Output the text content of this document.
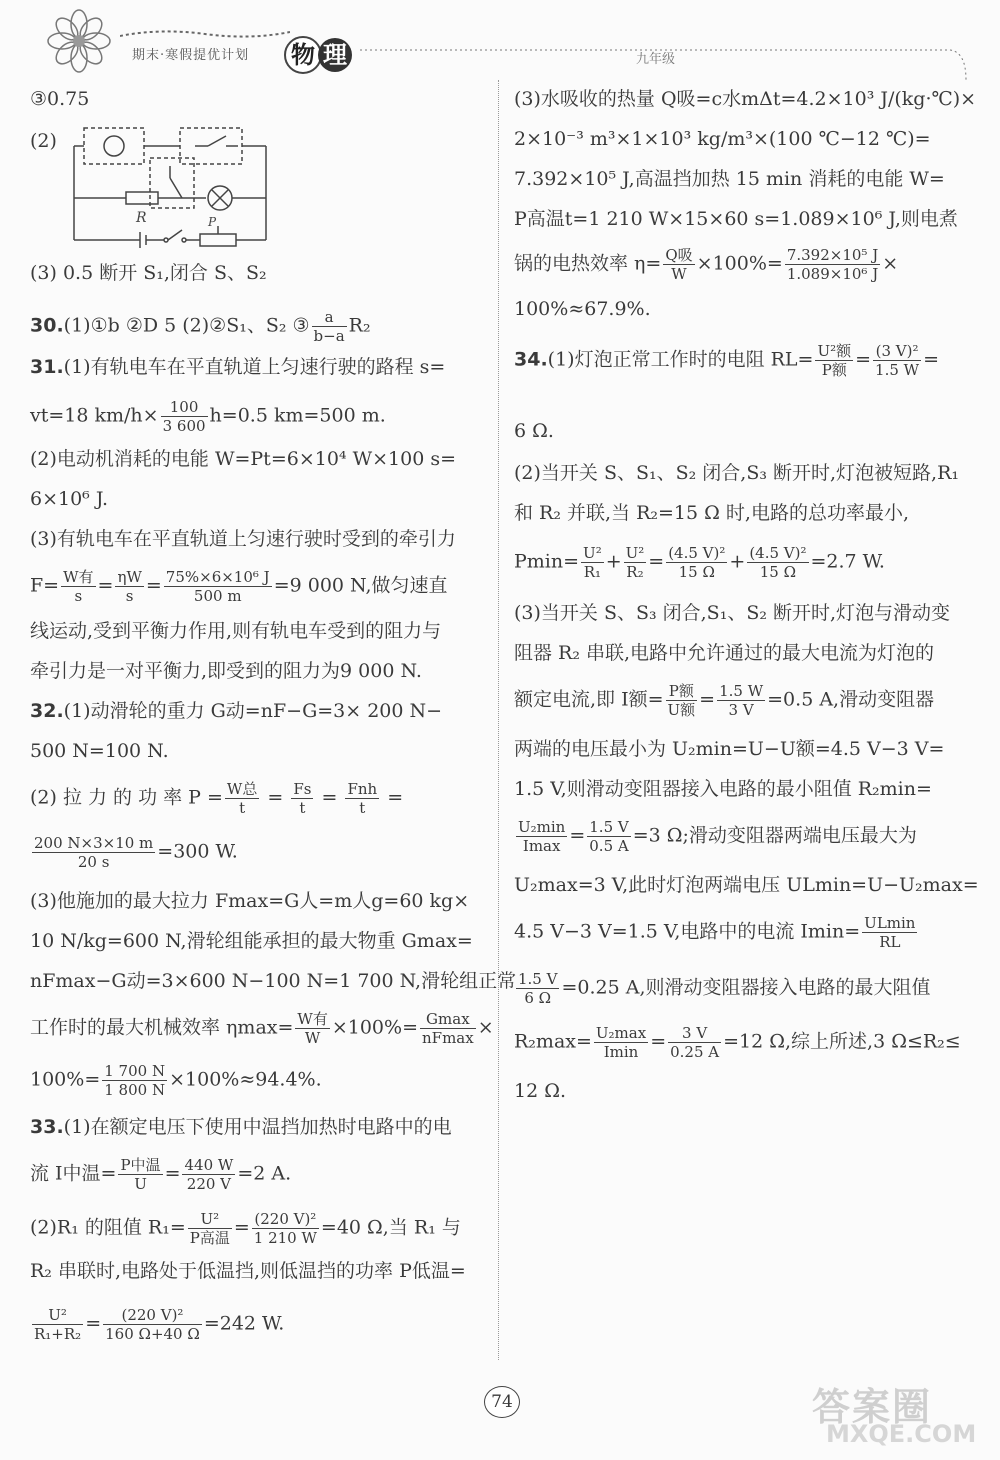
期末·寒假提优计划 物 理	九年级
③0.75
(2)
R	P
(3) 0.5 断开 S₁,闭合 S、S₂
30.(1)①b ②D 5 (2)②S₁、S₂ ③ $\frac{a}{b-a} R_2$
31.(1)有轨电车在平直轨道上匀速行驶的路程 s=
vt=18 $km/h\times \frac{100}{3 600} h=0.5$ km=500 m.
(2)电动机消耗的电能 W=Pt=6×10⁴ W×100 s=
6×10⁶ J.
(3)有轨电车在平直轨道上匀速行驶时受到的牵引力
$F= \frac{\text{W有}}{s} = \frac{\eta W}{s} = \frac{\text{75\%×6×10⁶ J}}{500 m} =9$ 000 N,做匀速直
线运动,受到平衡力作用,则有轨电车受到的阻力与
牵引力是一对平衡力,即受到的阻力为9 000 N.
32.(1)动滑轮的重力 G动=nF−G=3× 200 N−
500 N=100 N.
(2) 拉 力 的 功 率 $P = \frac{\text{W总}}{t} = \frac{Fs}{t} = \frac{\text{Fnh}}{t}$ =
$\frac{200 N\times 3\times 10 m}{20 s} =300$ W.
(3)他施加的最大拉力 Fmax=G人=m人g=60 kg×
10 N/kg=600 N,滑轮组能承担的最大物重 Gmax=
nFmax−G动=3×600 N−100 N=1 700 N,滑轮组正常
工作时的最大机械效率 $\eta\max= \frac{\text{W有}}{W} \times 100\%= \frac{Gmax}{nFmax}$ ×
$100\%= \frac{1 700 N}{1 800 N} \times 100\%\approx 94.4\%$.
33.(1)在额定电压下使用中温挡加热时电路中的电
流 I中温= $\frac{\text{P中温}}{U} = \frac{440 W}{220 V} =2$ A.
(2)R₁ 的阻值 $R_1= \frac{\text{U²}}{\text{P高温}} = \frac{\text{(220 V)²}}{1 210 W} =40$ Ω,当 R₁ 与
R₂ 串联时,电路处于低温挡,则低温挡的功率 P低温=
$\frac{\text{U²}}{\text{R₁+R₂}} = \frac{\text{(220 V)²}}{160 \Omega+40 \Omega} =242$ W.
(3)水吸收的热量 Q吸=c水mΔt=4.2×10³ J/(kg·℃)×
2×10⁻³ m³×1×10³ kg/m³×(100 ℃−12 ℃)=
7.392×10⁵ J,高温挡加热 15 min 消耗的电能 W=
P高温t=1 210 W×15×60 s=1.089×10⁶ J,则电煮
锅的电热效率 $\eta= \frac{\text{Q吸}}{W} \times 100\%= \frac{\text{7.392×10⁵ J}}{\text{1.089×10⁶ J}}$ ×
100%≈67.9%.
34.(1)灯泡正常工作时的电阻 $RL= \frac{\text{U²额}}{\text{P额}} = \frac{\text{(3 V)²}}{1.5 W}$ =
6 Ω.
(2)当开关 S、S₁、S₂ 闭合,S₃ 断开时,灯泡被短路,R₁
和 R₂ 并联,当 R₂=15 Ω 时,电路的总功率最小,
$Pmin= \frac{\text{U²}}{\text{R₁}} + \frac{\text{U²}}{\text{R₂}} = \frac{\text{(4.5 V)²}}{15 \Omega} + \frac{\text{(4.5 V)²}}{15 \Omega} =2.7$ W.
(3)当开关 S、S₃ 闭合,S₁、S₂ 断开时,灯泡与滑动变
阻器 R₂ 串联,电路中允许通过的最大电流为灯泡的
额定电流,即 I额= $\frac{\text{P额}}{\text{U额}} = \frac{1.5 W}{3 V} =0.5$ A,滑动变阻器
两端的电压最小为 U₂min=U−U额=4.5 V−3 V=
1.5 V,则滑动变阻器接入电路的最小阻值 R₂min=
$\frac{\text{U₂min}}{Imax} = \frac{1.5 V}{0.5 A} =3$ Ω;滑动变阻器两端电压最大为
U₂max=3 V,此时灯泡两端电压 ULmin=U−U₂max=
4.5 V−3 V=1.5 V,电路中的电流 $Imin= \frac{ULmin}{RL}$
$\frac{1.5 V}{6 \Omega} =0.25$ A,则滑动变阻器接入电路的最大阻值
$R_2\max= \frac{\text{U₂max}}{Imin} = \frac{3 V}{0.25 A} =12$ Ω,综上所述,3 Ω≤R₂≤
12 Ω.
74	答案圈
MXQE.COM
